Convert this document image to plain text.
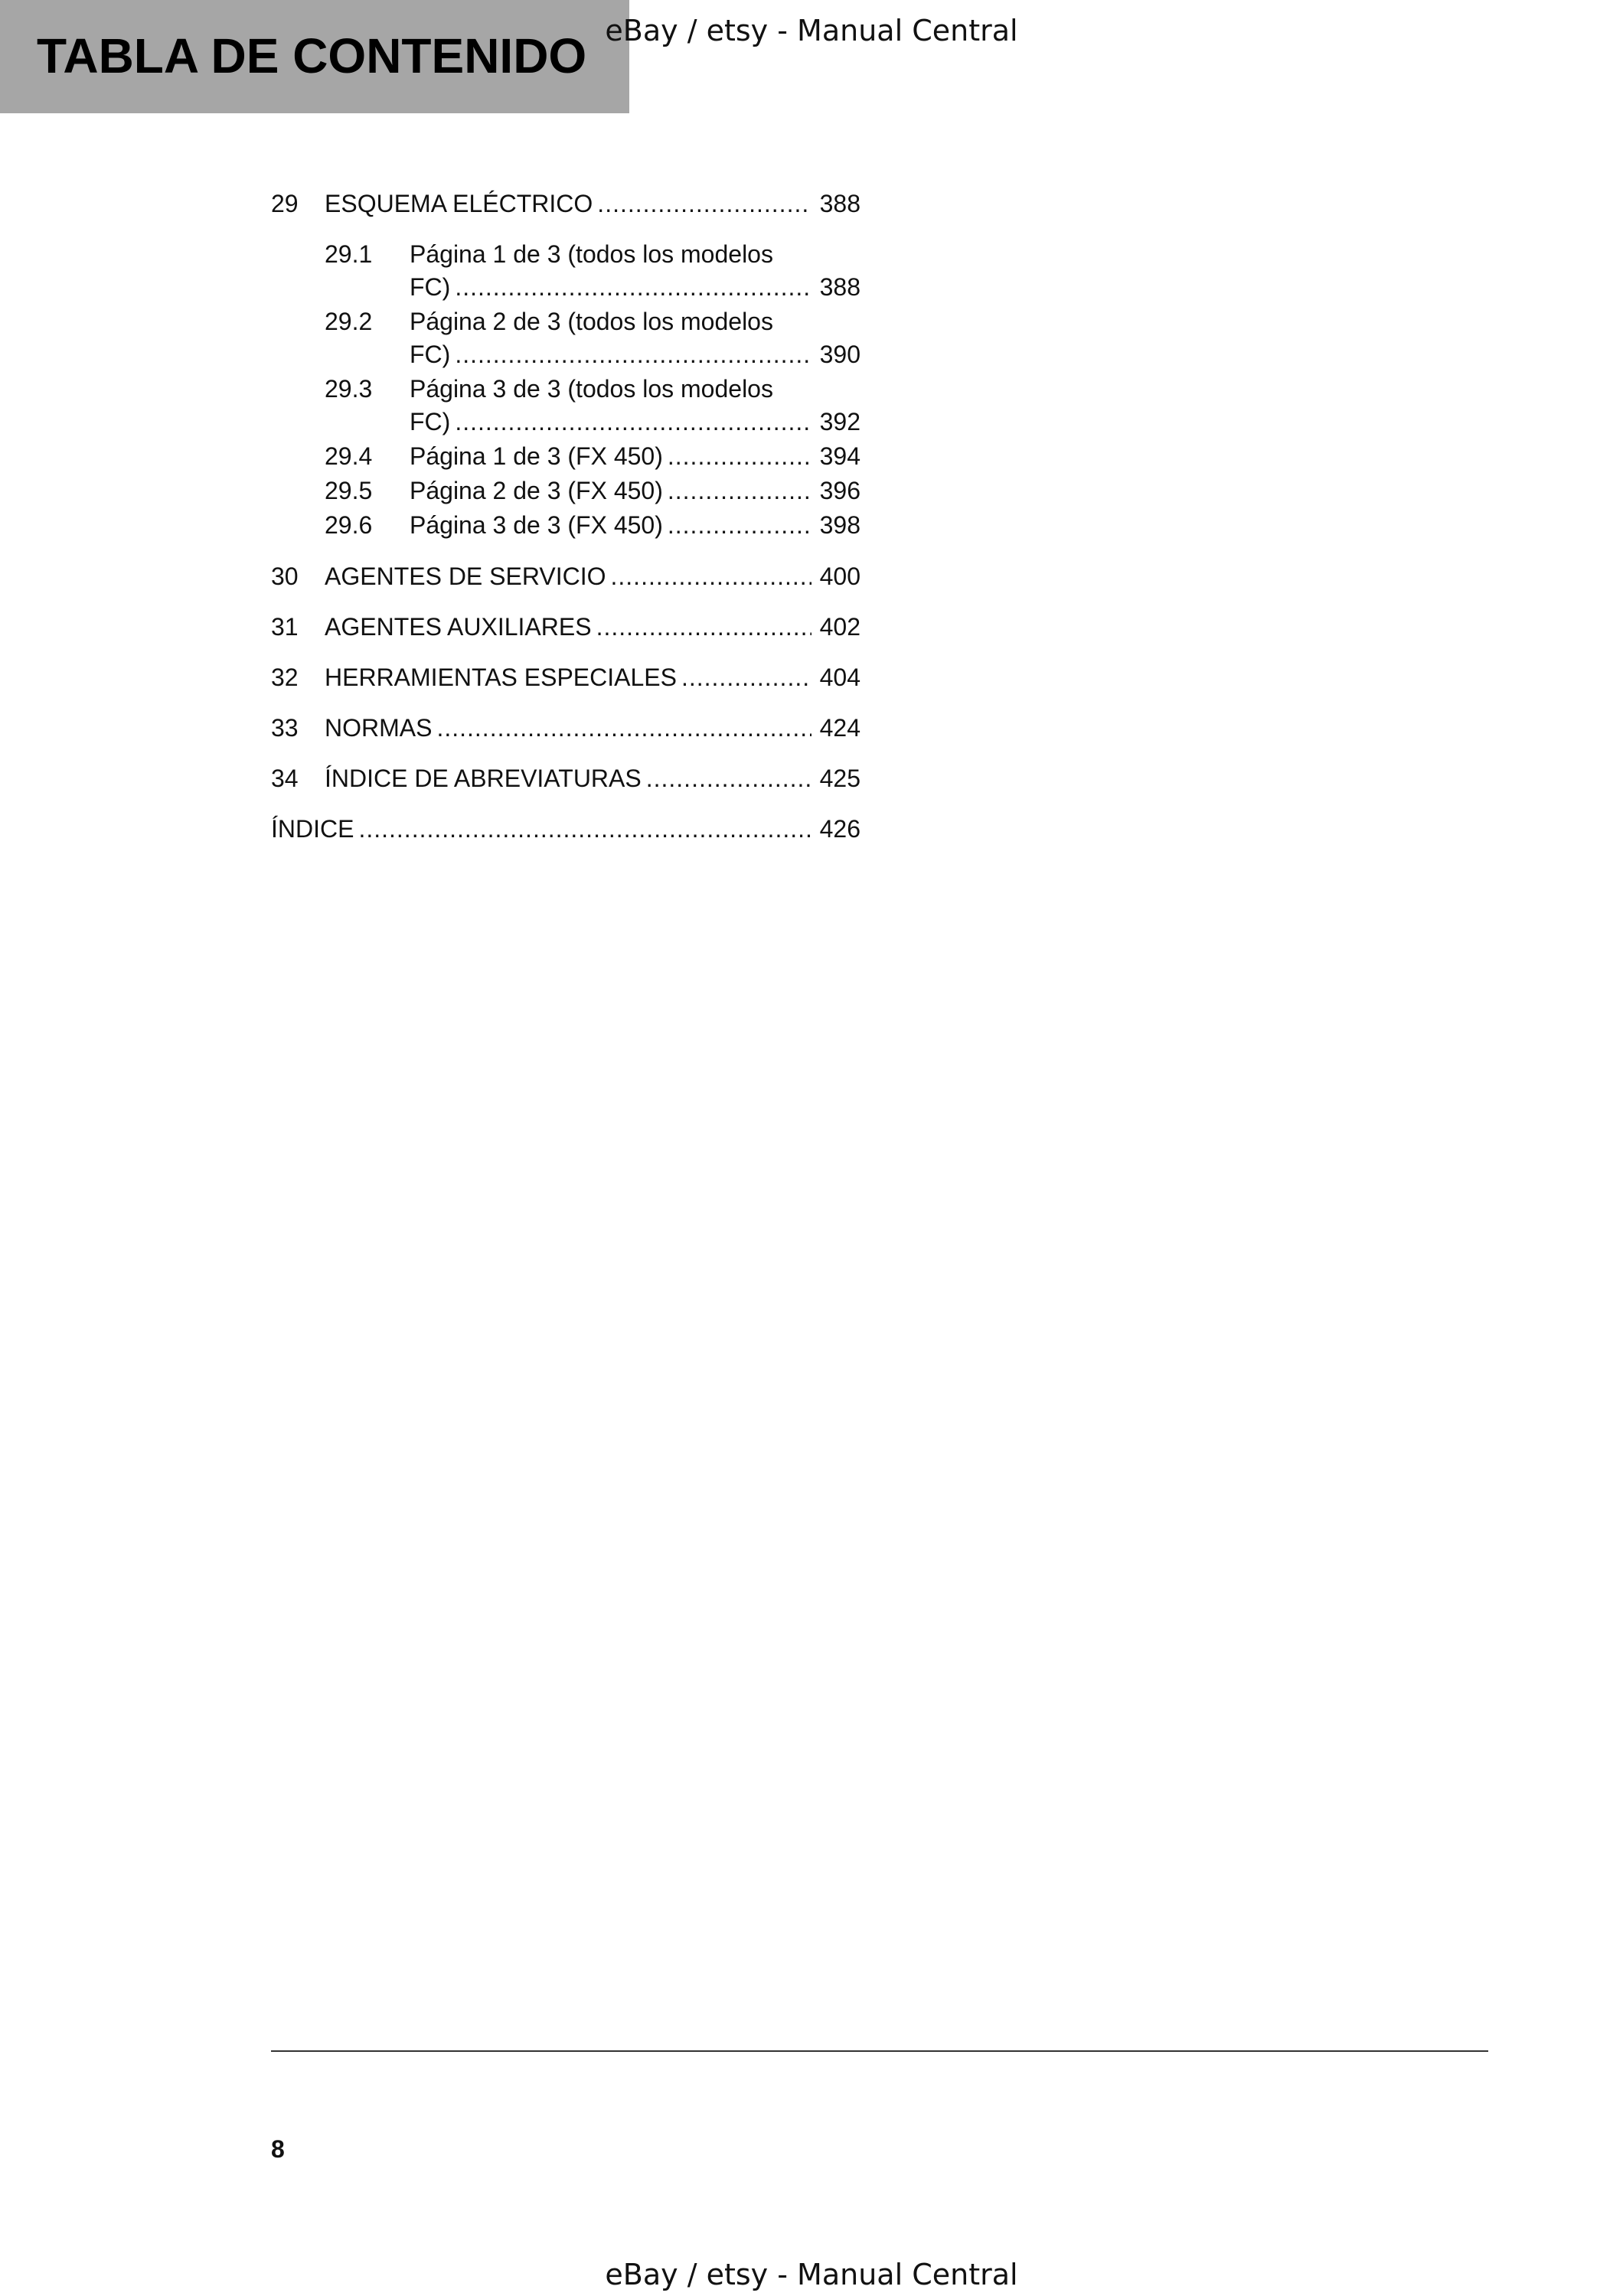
TABLA DE CONTENIDO eBay / etsy - Manual Central
29 ESQUEMA ELÉCTRICO .....	388
29.1 Página 1 de 3 (todos los modelos
FC) .....	388
29.2 Página 2 de 3 (todos los modelos
FC) .....	390
29.3 Página 3 de 3 (todos los modelos
FC) .....	392
29.4 Página 1 de 3 (FX 450) .....	394
29.5 Página 2 de 3 (FX 450) .....	396
29.6 Página 3 de 3 (FX 450) .....	398
30 AGENTES DE SERVICIO .....	400
31 AGENTES AUXILIARES .....	402
32 HERRAMIENTAS ESPECIALES .....	404
33 NORMAS .....	424
34 ÍNDICE DE ABREVIATURAS .....	425
ÍNDICE .....	426
8
eBay / etsy - Manual Central
